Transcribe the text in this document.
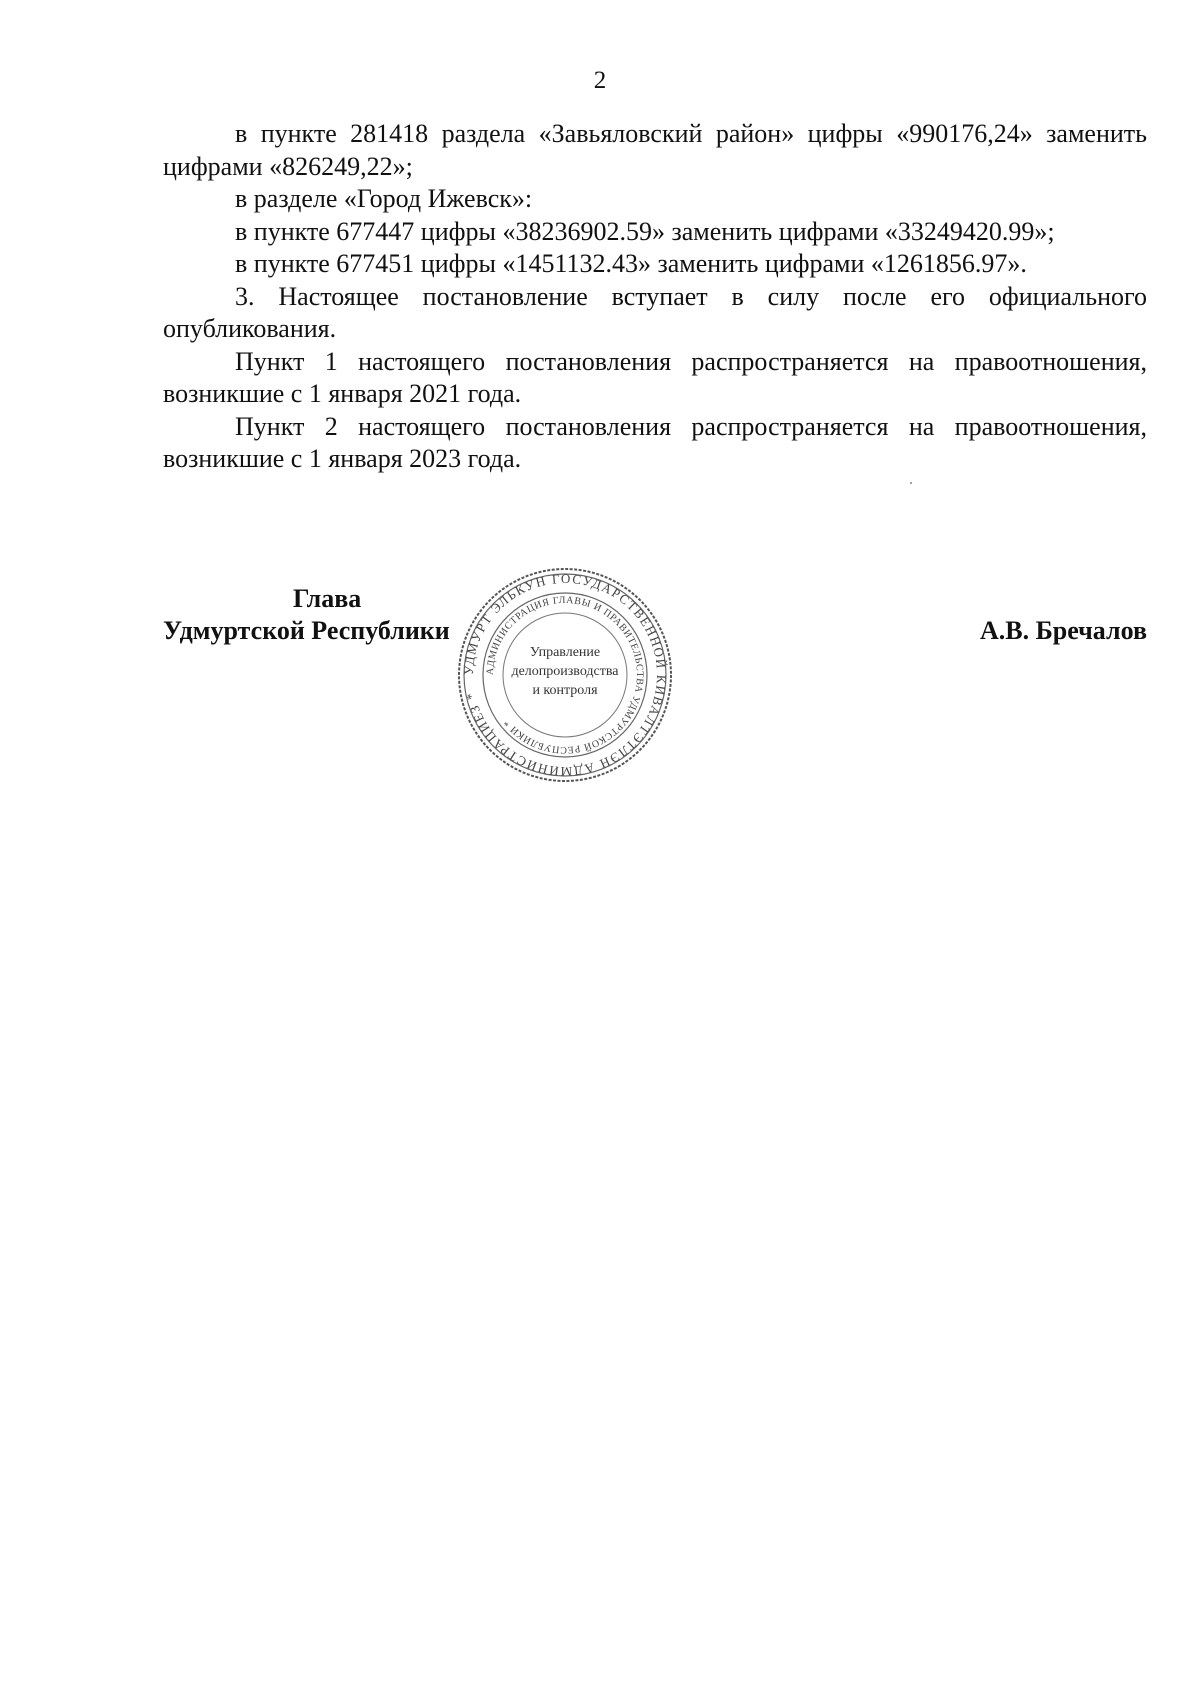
2

в пункте 281418 раздела «Завьяловский район» цифры «990176,24» заменить цифрами «826249,22»;

в разделе «Город Ижевск»:

в пункте 677447 цифры «38236902.59» заменить цифрами «33249420.99»;

в пункте 677451 цифры «1451132.43» заменить цифрами «1261856.97».

3. Настоящее постановление вступает в силу после его официального опубликования.

Пункт 1 настоящего постановления распространяется на правоотношения, возникшие с 1 января 2021 года.

Пункт 2 настоящего постановления распространяется на правоотношения, возникшие с 1 января 2023 года.

УДМУРТ ЭЛЬКУН ГОСУДАРСТВЕННОЙ КИВАЛТЭТЛЭН АДМИНИСТРАЦИЕЗ *
АДМИНИСТРАЦИЯ ГЛАВЫ И ПРАВИТЕЛЬСТВА УДМУРТСКОЙ РЕСПУБЛИКИ *
Управление
делопроизводства
и контроля
Глава
Удмуртской Республики	А.В. Бречалов
